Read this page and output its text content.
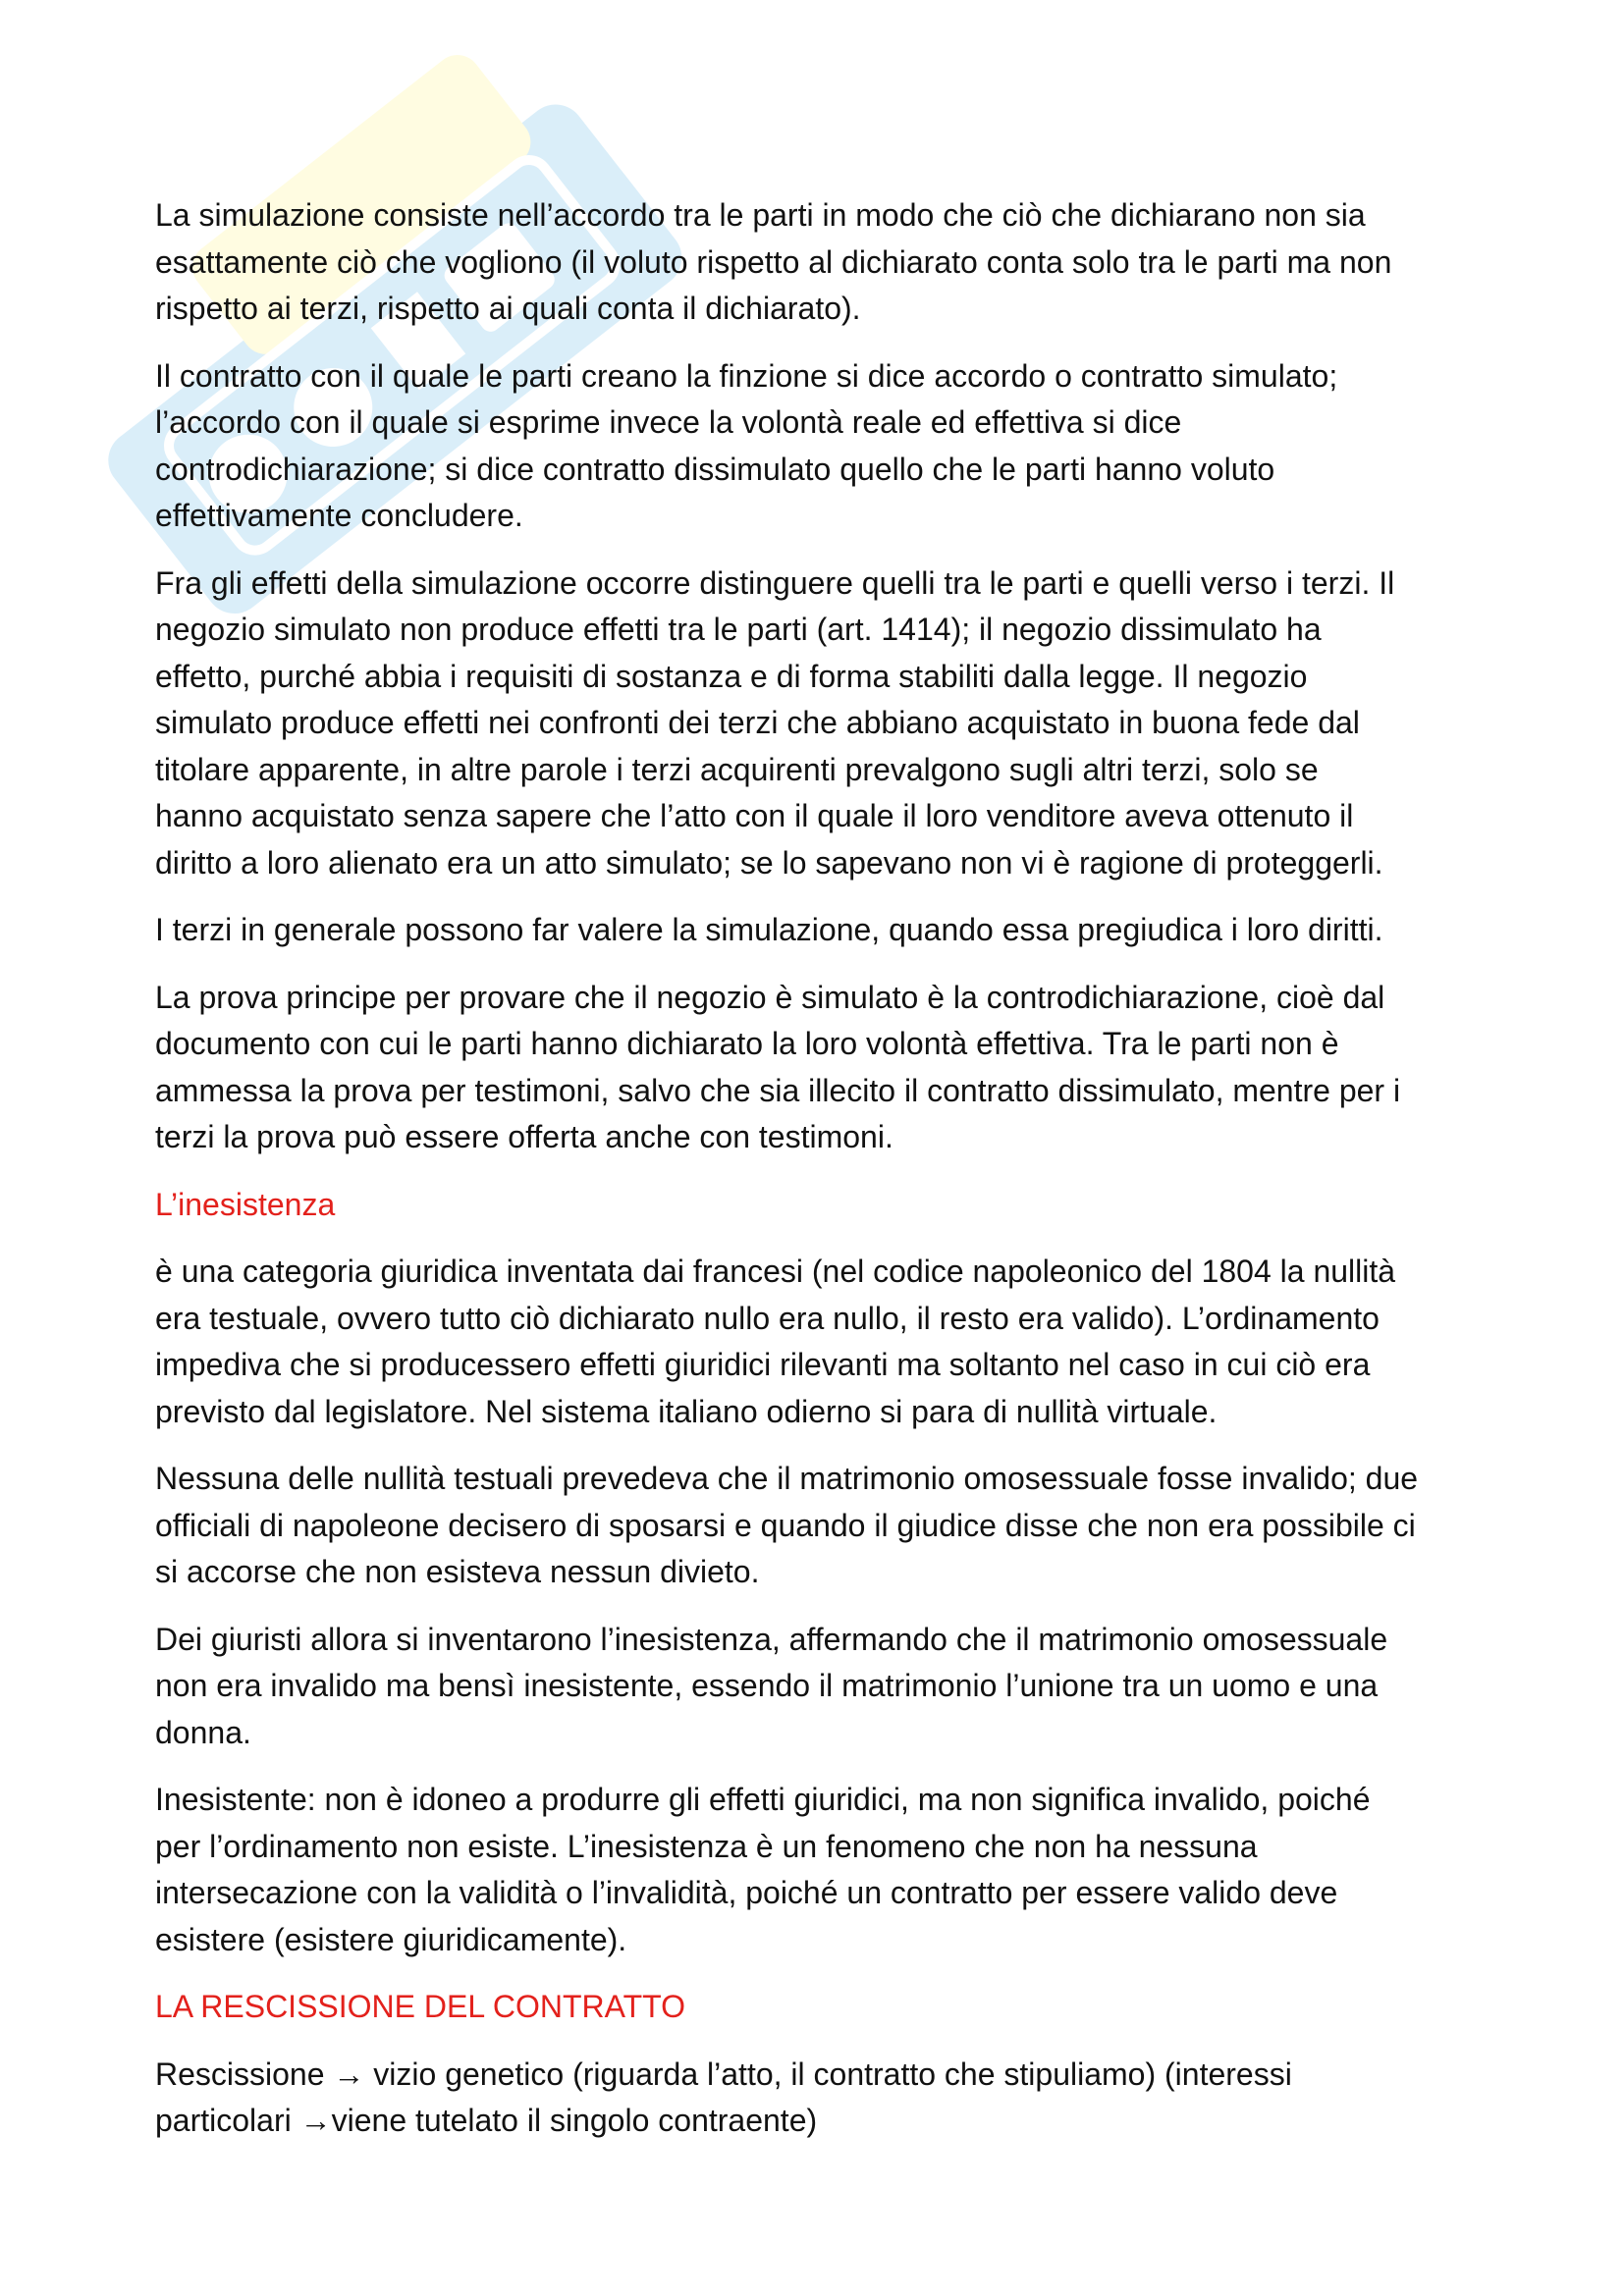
La simulazione consiste nell’accordo tra le parti in modo che ciò che dichiarano non sia
esattamente ciò che vogliono (il voluto rispetto al dichiarato conta solo tra le parti ma non
rispetto ai terzi, rispetto ai quali conta il dichiarato).

Il contratto con il quale le parti creano la finzione si dice accordo o contratto simulato;
l’accordo con il quale si esprime invece la volontà reale ed effettiva si dice
controdichiarazione; si dice contratto dissimulato quello che le parti hanno voluto
effettivamente concludere.

Fra gli effetti della simulazione occorre distinguere quelli tra le parti e quelli verso i terzi. Il
negozio simulato non produce effetti tra le parti (art. 1414); il negozio dissimulato ha
effetto, purché abbia i requisiti di sostanza e di forma stabiliti dalla legge. Il negozio
simulato produce effetti nei confronti dei terzi che abbiano acquistato in buona fede dal
titolare apparente, in altre parole i terzi acquirenti prevalgono sugli altri terzi, solo se
hanno acquistato senza sapere che l’atto con il quale il loro venditore aveva ottenuto il
diritto a loro alienato era un atto simulato; se lo sapevano non vi è ragione di proteggerli.

I terzi in generale possono far valere la simulazione, quando essa pregiudica i loro diritti.

La prova principe per provare che il negozio è simulato è la controdichiarazione, cioè dal
documento con cui le parti hanno dichiarato la loro volontà effettiva. Tra le parti non è
ammessa la prova per testimoni, salvo che sia illecito il contratto dissimulato, mentre per i
terzi la prova può essere offerta anche con testimoni.

L’inesistenza

è una categoria giuridica inventata dai francesi (nel codice napoleonico del 1804 la nullità
era testuale, ovvero tutto ciò dichiarato nullo era nullo, il resto era valido). L’ordinamento
impediva che si producessero effetti giuridici rilevanti ma soltanto nel caso in cui ciò era
previsto dal legislatore. Nel sistema italiano odierno si para di nullità virtuale.

Nessuna delle nullità testuali prevedeva che il matrimonio omosessuale fosse invalido; due
officiali di napoleone decisero di sposarsi e quando il giudice disse che non era possibile ci
si accorse che non esisteva nessun divieto.

Dei giuristi allora si inventarono l’inesistenza, affermando che il matrimonio omosessuale
non era invalido ma bensì inesistente, essendo il matrimonio l’unione tra un uomo e una
donna.

Inesistente: non è idoneo a produrre gli effetti giuridici, ma non significa invalido, poiché
per l’ordinamento non esiste. L’inesistenza è un fenomeno che non ha nessuna
intersecazione con la validità o l’invalidità, poiché un contratto per essere valido deve
esistere (esistere giuridicamente).

LA RESCISSIONE DEL CONTRATTO

Rescissione → vizio genetico (riguarda l’atto, il contratto che stipuliamo) (interessi
particolari →viene tutelato il singolo contraente)
